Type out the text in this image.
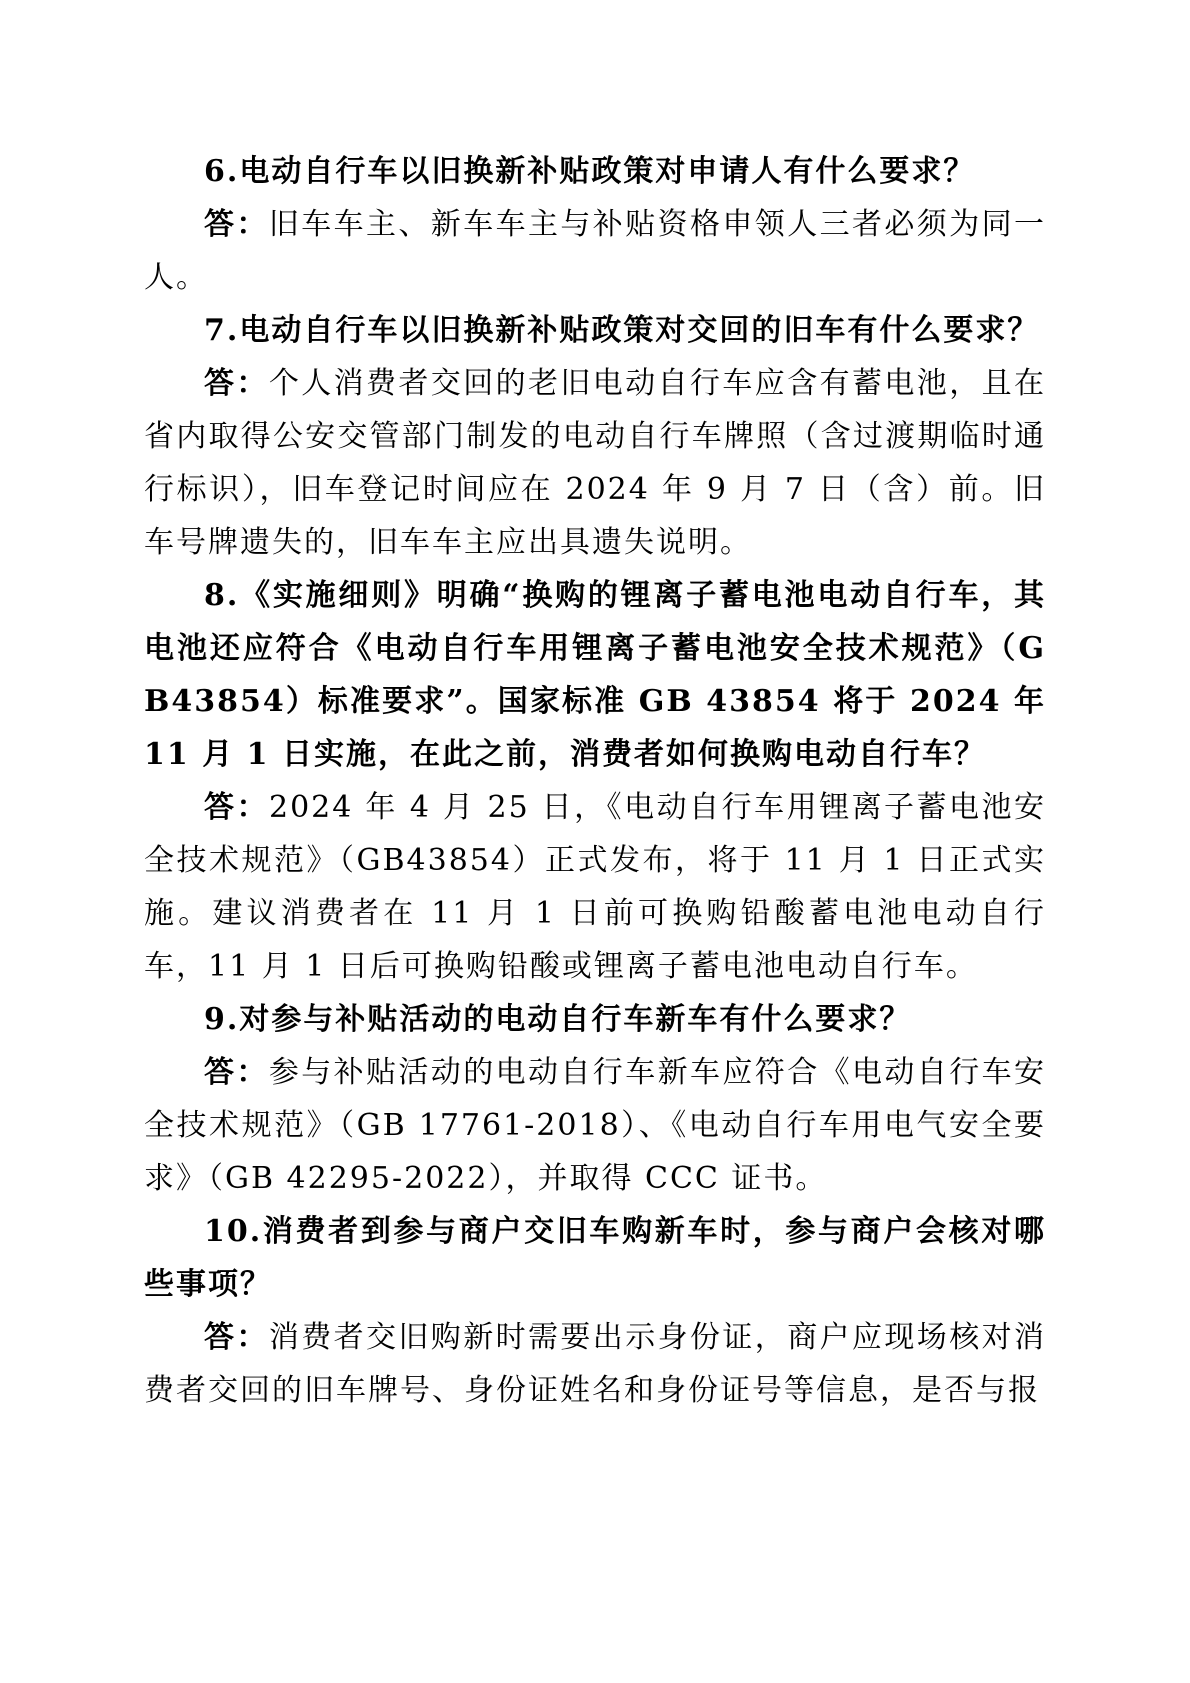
6.电动自行车以旧换新补贴政策对申请人有什么要求？

答：旧车车主、新车车主与补贴资格申领人三者必须为同一人。

7.电动自行车以旧换新补贴政策对交回的旧车有什么要求？

答：个人消费者交回的老旧电动自行车应含有蓄电池，且在省内取得公安交管部门制发的电动自行车牌照（含过渡期临时通行标识），旧车登记时间应在 2024 年 9 月 7 日（含）前。旧车号牌遗失的，旧车车主应出具遗失说明。

8.《实施细则》明确“换购的锂离子蓄电池电动自行车，其电池还应符合《电动自行车用锂离子蓄电池安全技术规范》（GB43854）标准要求”。国家标准 GB 43854 将于 2024 年 11 月 1 日实施，在此之前，消费者如何换购电动自行车？

答：2024 年 4 月 25 日，《电动自行车用锂离子蓄电池安全技术规范》（GB43854）正式发布，将于 11 月 1 日正式实施。建议消费者在 11 月 1 日前可换购铅酸蓄电池电动自行车，11 月 1 日后可换购铅酸或锂离子蓄电池电动自行车。

9.对参与补贴活动的电动自行车新车有什么要求？

答：参与补贴活动的电动自行车新车应符合《电动自行车安全技术规范》（GB 17761-2018）、《电动自行车用电气安全要求》（GB 42295-2022），并取得 CCC 证书。

10.消费者到参与商户交旧车购新车时，参与商户会核对哪些事项？

答：消费者交旧购新时需要出示身份证，商户应现场核对消费者交回的旧车牌号、身份证姓名和身份证号等信息，是否与报
